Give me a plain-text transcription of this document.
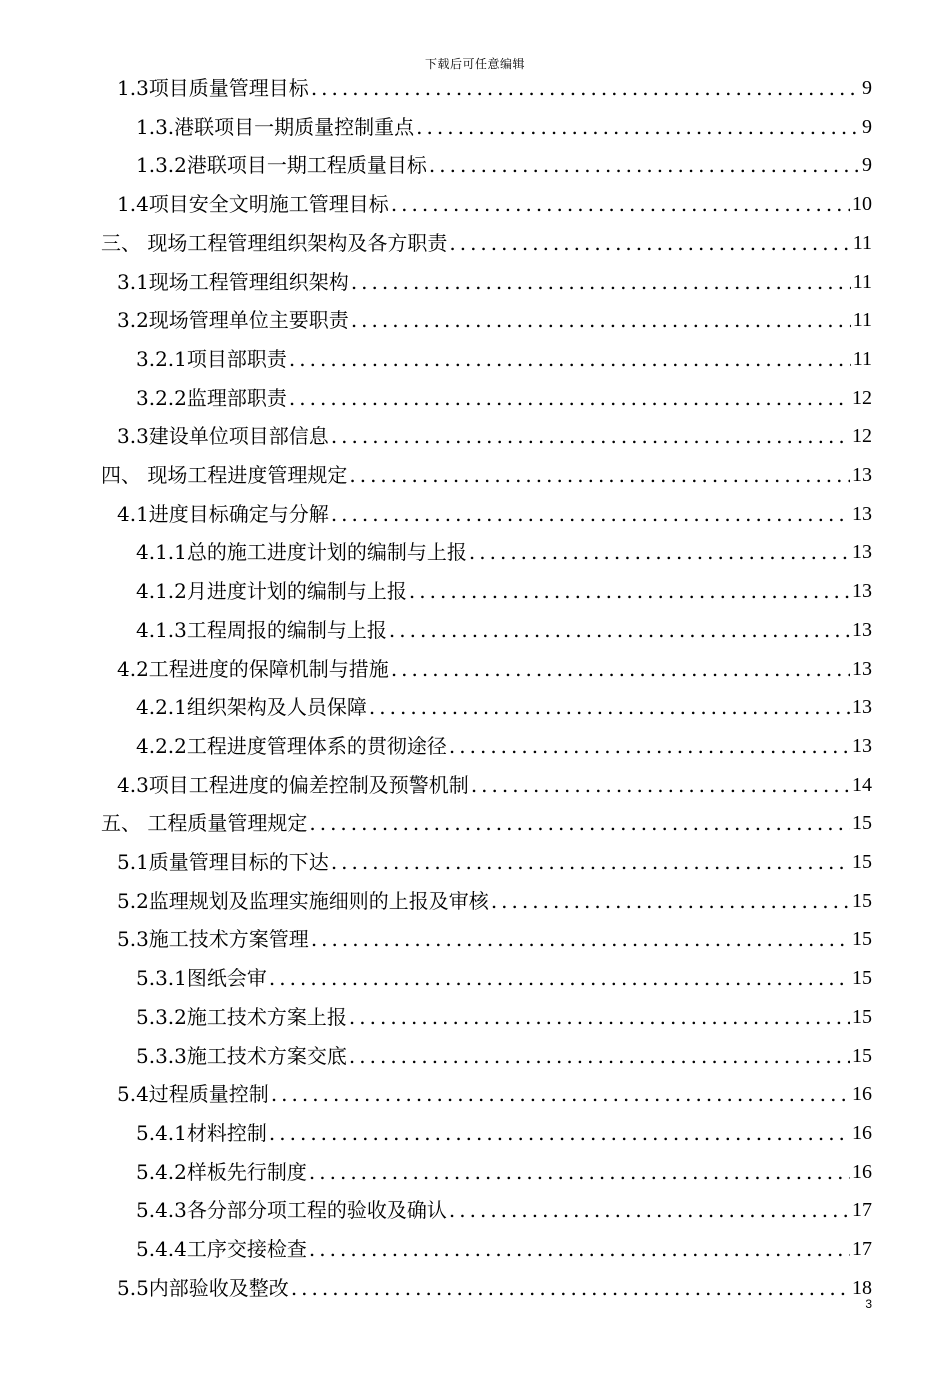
下载后可任意编辑
1.3项目质量管理目标 .....	9
1.3.港联项目一期质量控制重点 .....	9
1.3.2港联项目一期工程质量目标 .....	9
1.4项目安全文明施工管理目标 .....	10
三、 现场工程管理组织架构及各方职责 .....	11
3.1现场工程管理组织架构 .....	11
3.2现场管理单位主要职责 .....	11
3.2.1项目部职责 .....	11
3.2.2监理部职责 .....	12
3.3建设单位项目部信息 .....	12
四、 现场工程进度管理规定 .....	13
4.1进度目标确定与分解 .....	13
4.1.1总的施工进度计划的编制与上报 .....	13
4.1.2月进度计划的编制与上报 .....	13
4.1.3工程周报的编制与上报 .....	13
4.2工程进度的保障机制与措施 .....	13
4.2.1组织架构及人员保障 .....	13
4.2.2工程进度管理体系的贯彻途径 .....	13
4.3项目工程进度的偏差控制及预警机制 .....	14
五、 工程质量管理规定 .....	15
5.1质量管理目标的下达 .....	15
5.2监理规划及监理实施细则的上报及审核 .....	15
5.3施工技术方案管理 .....	15
5.3.1图纸会审 .....	15
5.3.2施工技术方案上报 .....	15
5.3.3施工技术方案交底 .....	15
5.4过程质量控制 .....	16
5.4.1材料控制 .....	16
5.4.2样板先行制度 .....	16
5.4.3各分部分项工程的验收及确认 .....	17
5.4.4工序交接检查 .....	17
5.5内部验收及整改 .....	18
3
